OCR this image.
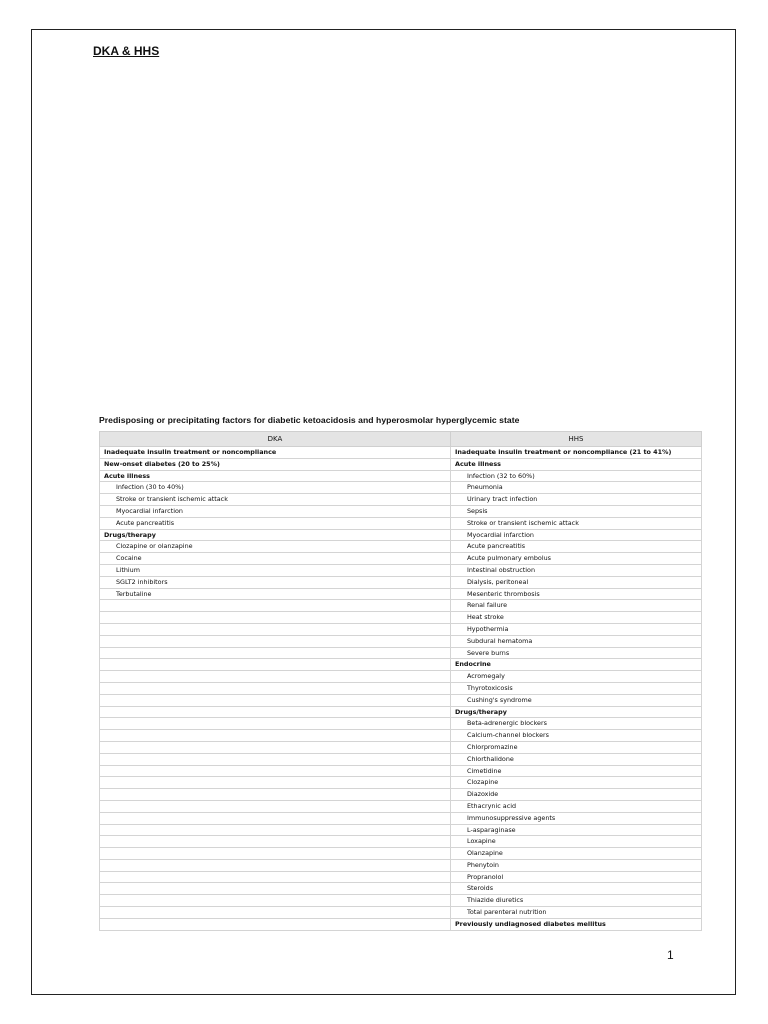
DKA & HHS
Predisposing or precipitating factors for diabetic ketoacidosis and hyperosmolar hyperglycemic state
DKA	HHS
Inadequate insulin treatment or noncompliance	Inadequate insulin treatment or noncompliance (21 to 41%)
New-onset diabetes (20 to 25%)	Acute illness
Acute illness	Infection (32 to 60%)
Infection (30 to 40%)	Pneumonia
Stroke or transient ischemic attack	Urinary tract infection
Myocardial infarction	Sepsis
Acute pancreatitis	Stroke or transient ischemic attack
Drugs/therapy	Myocardial infarction
Clozapine or olanzapine	Acute pancreatitis
Cocaine	Acute pulmonary embolus
Lithium	Intestinal obstruction
SGLT2 inhibitors	Dialysis, peritoneal
Terbutaline	Mesenteric thrombosis
	Renal failure
	Heat stroke
	Hypothermia
	Subdural hematoma
	Severe burns
	Endocrine
	Acromegaly
	Thyrotoxicosis
	Cushing's syndrome
	Drugs/therapy
	Beta-adrenergic blockers
	Calcium-channel blockers
	Chlorpromazine
	Chlorthalidone
	Cimetidine
	Clozapine
	Diazoxide
	Ethacrynic acid
	Immunosuppressive agents
	L-asparaginase
	Loxapine
	Olanzapine
	Phenytoin
	Propranolol
	Steroids
	Thiazide diuretics
	Total parenteral nutrition
	Previously undiagnosed diabetes mellitus
1
